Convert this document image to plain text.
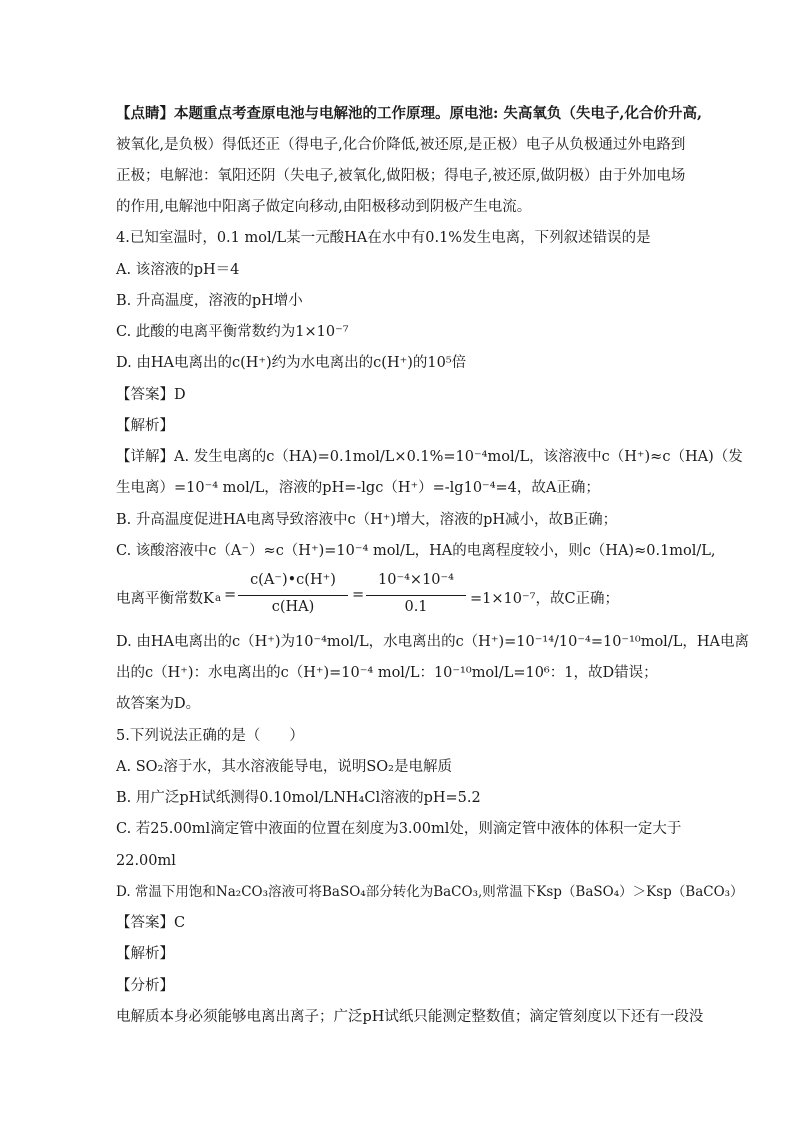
【点睛】本题重点考查原电池与电解池的工作原理。原电池: 失高氧负（失电子,化合价升高,
被氧化,是负极）得低还正（得电子,化合价降低,被还原,是正极）电子从负极通过外电路到
正极；电解池：氧阳还阴（失电子,被氧化,做阳极；得电子,被还原,做阴极）由于外加电场
的作用,电解池中阳离子做定向移动,由阳极移动到阴极产生电流。
4.已知室温时，0.1 mol/L某一元酸HA在水中有0.1%发生电离，下列叙述错误的是
A. 该溶液的pH＝4
B. 升高温度，溶液的pH增小
C. 此酸的电离平衡常数约为1×10⁻⁷
D. 由HA电离出的c(H⁺)约为水电离出的c(H⁺)的10⁵倍
【答案】D
【解析】
【详解】A. 发生电离的c（HA)=0.1mol/L×0.1%=10⁻⁴mol/L，该溶液中c（H⁺)≈c（HA)（发
生电离）=10⁻⁴ mol/L，溶液的pH=-lgc（H⁺）=-lg10⁻⁴=4，故A正确；
B. 升高温度促进HA电离导致溶液中c（H⁺)增大，溶液的pH减小，故B正确；
C. 该酸溶液中c（A⁻）≈c（H⁺)=10⁻⁴ mol/L，HA的电离程度较小，则c（HA)≈0.1mol/L,
电离平衡常数K a =
c(A⁻)•c(H⁺)
c(HA)
=
10⁻⁴×10⁻⁴
0.1	=1×10⁻⁷，故C正确；
D. 由HA电离出的c（H⁺)为10⁻⁴mol/L，水电离出的c（H⁺)=10⁻¹⁴/10⁻⁴=10⁻¹⁰mol/L，HA电离
出的c（H⁺)：水电离出的c（H⁺)=10⁻⁴ mol/L：10⁻¹⁰mol/L=10⁶：1，故D错误；
故答案为D。
5.下列说法正确的是（　　）
A. SO₂溶于水，其水溶液能导电，说明SO₂是电解质
B. 用广泛pH试纸测得0.10mol/LNH₄Cl溶液的pH=5.2
C. 若25.00ml滴定管中液面的位置在刻度为3.00ml处，则滴定管中液体的体积一定大于
22.00ml
D. 常温下用饱和Na₂CO₃溶液可将BaSO₄部分转化为BaCO₃,则常温下Ksp（BaSO₄）＞Ksp（BaCO₃）
【答案】C
【解析】
【分析】
电解质本身必须能够电离出离子；广泛pH试纸只能测定整数值；滴定管刻度以下还有一段没
